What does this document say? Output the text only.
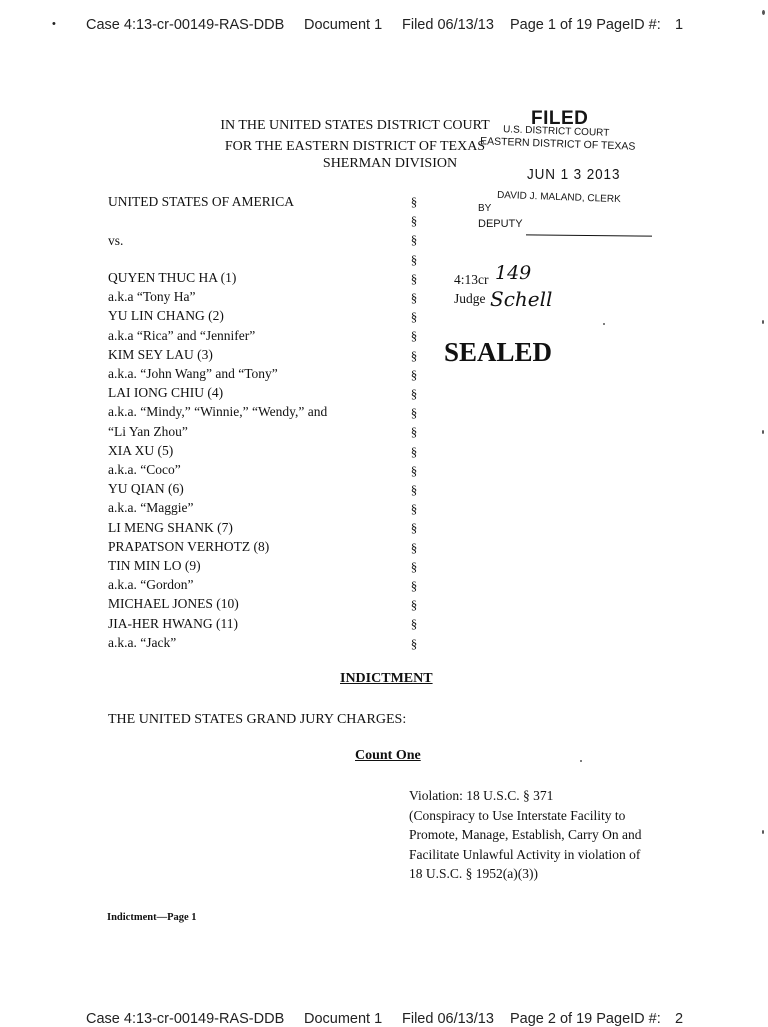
• Case 4:13-cr-00149-RAS-DDB Document 1 Filed 06/13/13 Page 1 of 19 PageID #: 1
IN THE UNITED STATES DISTRICT COURT
FOR THE EASTERN DISTRICT OF TEXAS
SHERMAN DIVISION
FILED
U.S. DISTRICT COURT
EASTERN DISTRICT OF TEXAS
JUN 1 3 2013
DAVID J. MALAND, CLERK
BY
DEPUTY
UNITED STATES OF AMERICA
vs.
QUYEN THUC HA (1)
a.k.a “Tony Ha”
YU LIN CHANG (2)
a.k.a “Rica” and “Jennifer”
KIM SEY LAU (3)
a.k.a. “John Wang” and “Tony”
LAI IONG CHIU (4)
a.k.a. “Mindy,” “Winnie,” “Wendy,” and
“Li Yan Zhou”
XIA XU (5)
a.k.a. “Coco”
YU QIAN (6)
a.k.a. “Maggie”
LI MENG SHANK (7)
PRAPATSON VERHOTZ (8)
TIN MIN LO (9)
a.k.a. “Gordon”
MICHAEL JONES (10)
JIA-HER HWANG (11)
a.k.a. “Jack”
§
§
§
§
§
§
§
§
§
§
§
§
§
§
§
§
§
§
§
§
§
§
§
§
4:13cr 149
Judge Schell
SEALED
INDICTMENT
THE UNITED STATES GRAND JURY CHARGES:
Count One
Violation: 18 U.S.C. § 371
(Conspiracy to Use Interstate Facility to
Promote, Manage, Establish, Carry On and
Facilitate Unlawful Activity in violation of
18 U.S.C. § 1952(a)(3))
Indictment—Page 1
Case 4:13-cr-00149-RAS-DDB Document 1 Filed 06/13/13 Page 2 of 19 PageID #: 2
